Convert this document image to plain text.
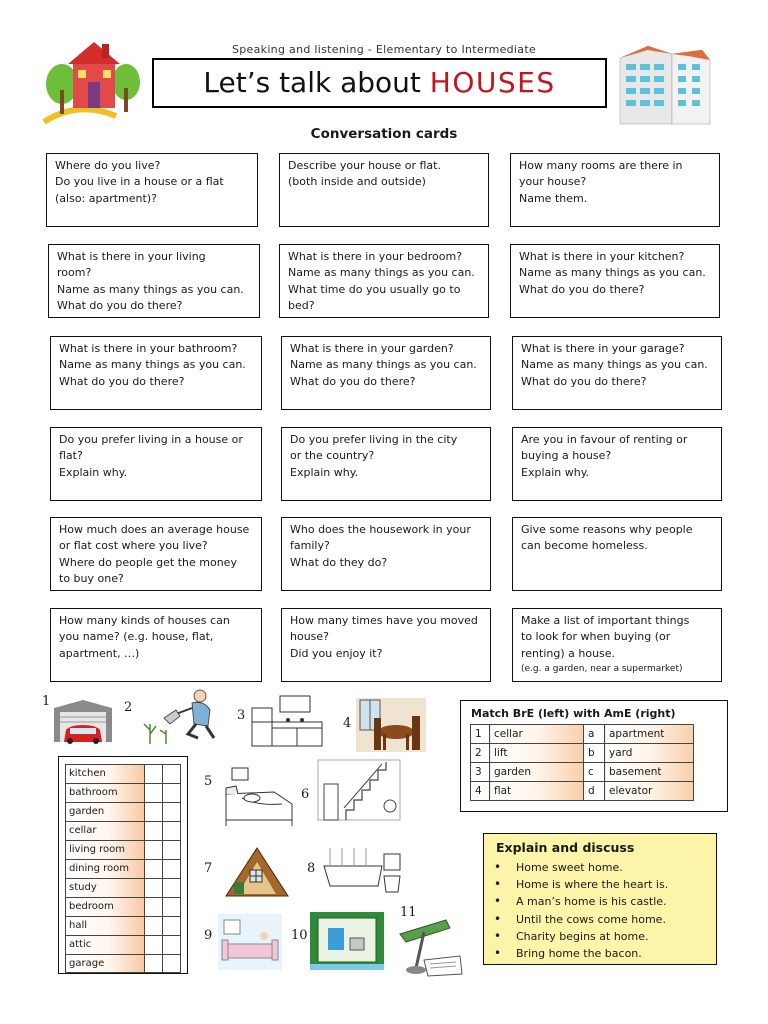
Speaking and listening - Elementary to Intermediate
Let’s talk about HOUSES
Conversation cards
Where do you live?
Do you live in a house or a flat
(also: apartment)?
Describe your house or flat.
(both inside and outside)
How many rooms are there in
your house?
Name them.
What is there in your living
room?
Name as many things as you can.
What do you do there?
What is there in your bedroom?
Name as many things as you can.
What time do you usually go to
bed?
What is there in your kitchen?
Name as many things as you can.
What do you do there?
What is there in your bathroom?
Name as many things as you can.
What do you do there?
What is there in your garden?
Name as many things as you can.
What do you do there?
What is there in your garage?
Name as many things as you can.
What do you do there?
Do you prefer living in a house or
flat?
Explain why.
Do you prefer living in the city
or the country?
Explain why.
Are you in favour of renting or
buying a house?
Explain why.
How much does an average house
or flat cost where you live?
Where do people get the money
to buy one?
Who does the housework in your
family?
What do they do?
Give some reasons why people
can become homeless.
How many kinds of houses can
you name? (e.g. house, flat,
apartment, …)
How many times have you moved
house?
Did you enjoy it?
Make a list of important things
to look for when buying (or
renting) a house.
(e.g. a garden, near a supermarket)
1	2
3
4
5
6
7	8
9	10
11
kitchen
bathroom
garden
cellar
living room
dining room
study
bedroom
hall
attic
garage
Match BrE (left) with AmE (right)
1	cellar	a	apartment
2	lift	b	yard
3	garden	c	basement
4	flat	d	elevator
Explain and discuss
• Home sweet home.
• Home is where the heart is.
• A man’s home is his castle.
• Until the cows come home.
• Charity begins at home.
• Bring home the bacon.
